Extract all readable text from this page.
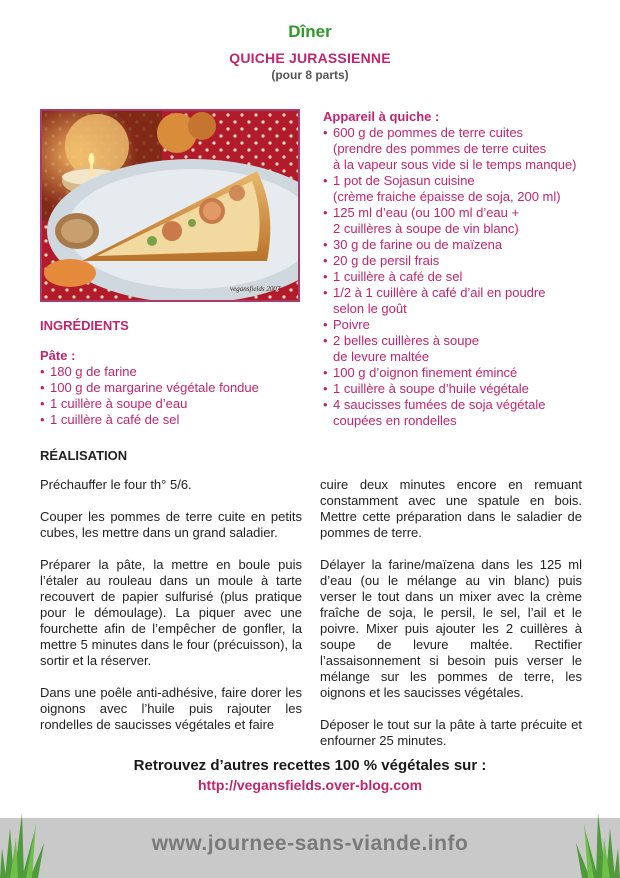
Dîner
QUICHE JURASSIENNE
(pour 8 parts)
vegansfields 2007
INGRÉDIENTS
Pâte :
• 180 g de farine
• 100 g de margarine végétale fondue
• 1 cuillère à soupe d’eau
• 1 cuillère à café de sel
Appareil à quiche :
• 600 g de pommes de terre cuites
(prendre des pommes de terre cuites
à la vapeur sous vide si le temps manque)
• 1 pot de Sojasun cuisine
(crème fraiche épaisse de soja, 200 ml)
• 125 ml d’eau (ou 100 ml d’eau +
2 cuillères à soupe de vin blanc)
• 30 g de farine ou de maïzena
• 20 g de persil frais
• 1 cuillère à café de sel
• 1/2 à 1 cuillère à café d’ail en poudre
selon le goût
• Poivre
• 2 belles cuillères à soupe
de levure maltée
• 100 g d’oignon finement émincé
• 1 cuillère à soupe d’huile végétale
• 4 saucisses fumées de soja végétale
coupées en rondelles
RÉALISATION

Préchauffer le four th° 5/6.

Couper les pommes de terre cuite en petits cubes, les mettre dans un grand saladier.

Préparer la pâte, la mettre en boule puis l’étaler au rouleau dans un moule à tarte recouvert de papier sulfurisé (plus pratique pour le démoulage). La piquer avec une fourchette afin de l’empêcher de gonfler, la mettre 5 minutes dans le four (précuisson), la sortir et la réserver.

Dans une poêle anti-adhésive, faire dorer les oignons avec l’huile puis rajouter les rondelles de saucisses végétales et faire

cuire deux minutes encore en remuant constamment avec une spatule en bois. Mettre cette préparation dans le saladier de pommes de terre.

Délayer la farine/maïzena dans les 125 ml d’eau (ou le mélange au vin blanc) puis verser le tout dans un mixer avec la crème fraîche de soja, le persil, le sel, l’ail et le poivre. Mixer puis ajouter les 2 cuillères à soupe de levure maltée. Rectifier l’assaisonnement si besoin puis verser le mélange sur les pommes de terre, les oignons et les saucisses végétales.

Déposer le tout sur la pâte à tarte précuite et enfourner 25 minutes.

Retrouvez d’autres recettes 100 % végétales sur :
http://vegansfields.over-blog.com
www.journee-sans-viande.info
